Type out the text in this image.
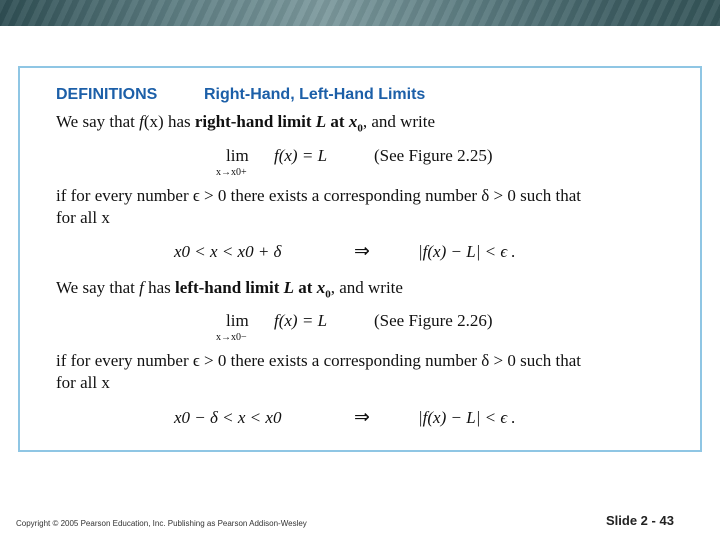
DEFINITIONS	Right-Hand, Left-Hand Limits
We say that f(x) has right-hand limit L at $x_0$, and write
lim
x→x0+
f(x) = L	(See Figure 2.25)
if for every number ϵ > 0 there exists a corresponding number δ > 0 such that
for all x
x0 < x < x0 + δ	⇒	|f(x) − L| < ϵ .
We say that f has left-hand limit L at $x_0$, and write
lim
x→x0−
f(x) = L	(See Figure 2.26)
if for every number ϵ > 0 there exists a corresponding number δ > 0 such that
for all x
x0 − δ < x < x0	⇒	|f(x) − L| < ϵ .
Copyright © 2005 Pearson Education, Inc. Publishing as Pearson Addison-Wesley	Slide 2 - 43
